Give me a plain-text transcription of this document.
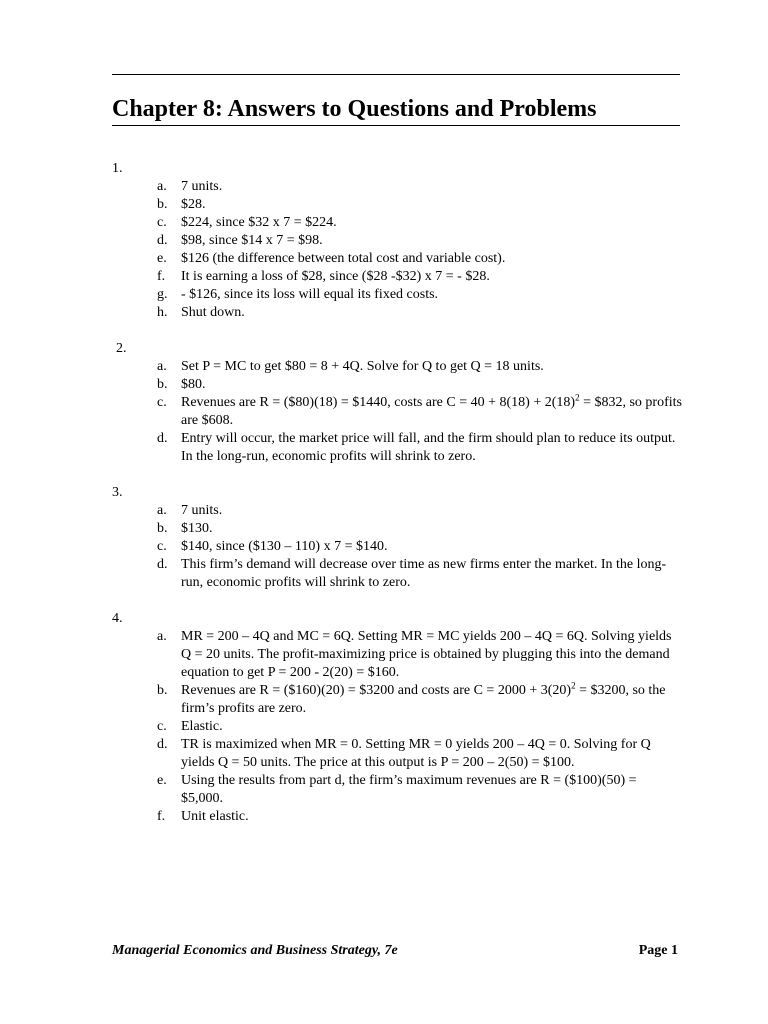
Chapter 8: Answers to Questions and Problems
1.
a. 7 units.
b. $28.
c. $224, since $32 x 7 = $224.
d. $98, since $14 x 7 = $98.
e. $126 (the difference between total cost and variable cost).
f. It is earning a loss of $28, since ($28 -$32) x 7 = - $28.
g. - $126, since its loss will equal its fixed costs.
h. Shut down.
2.
a. Set P = MC to get $80 = 8 + 4Q. Solve for Q to get Q = 18 units.
b. $80.
c. Revenues are R = ($80)(18) = $1440, costs are $C = 40 + 8(18) + 2(18)^2$ = $832, so profits are $608.
d. Entry will occur, the market price will fall, and the firm should plan to reduce its output. In the long-run, economic profits will shrink to zero.
3.
a. 7 units.
b. $130.
c. $140, since ($130 – 110) x 7 = $140.
d. This firm’s demand will decrease over time as new firms enter the market. In the long-run, economic profits will shrink to zero.
4.
a. MR = 200 – 4Q and MC = 6Q. Setting MR = MC yields 200 – 4Q = 6Q. Solving yields Q = 20 units. The profit-maximizing price is obtained by plugging this into the demand equation to get P = 200 - 2(20) = $160.
b. Revenues are R = ($160)(20) = $3200 and costs are $C = 2000 + 3(20)^2$ = $3200, so the firm’s profits are zero.
c. Elastic.
d. TR is maximized when MR = 0. Setting MR = 0 yields 200 – 4Q = 0. Solving for Q yields Q = 50 units. The price at this output is P = 200 – 2(50) = $100.
e. Using the results from part d, the firm’s maximum revenues are R = ($100)(50) = $5,000.
f. Unit elastic.
Managerial Economics and Business Strategy, 7e	Page 1
